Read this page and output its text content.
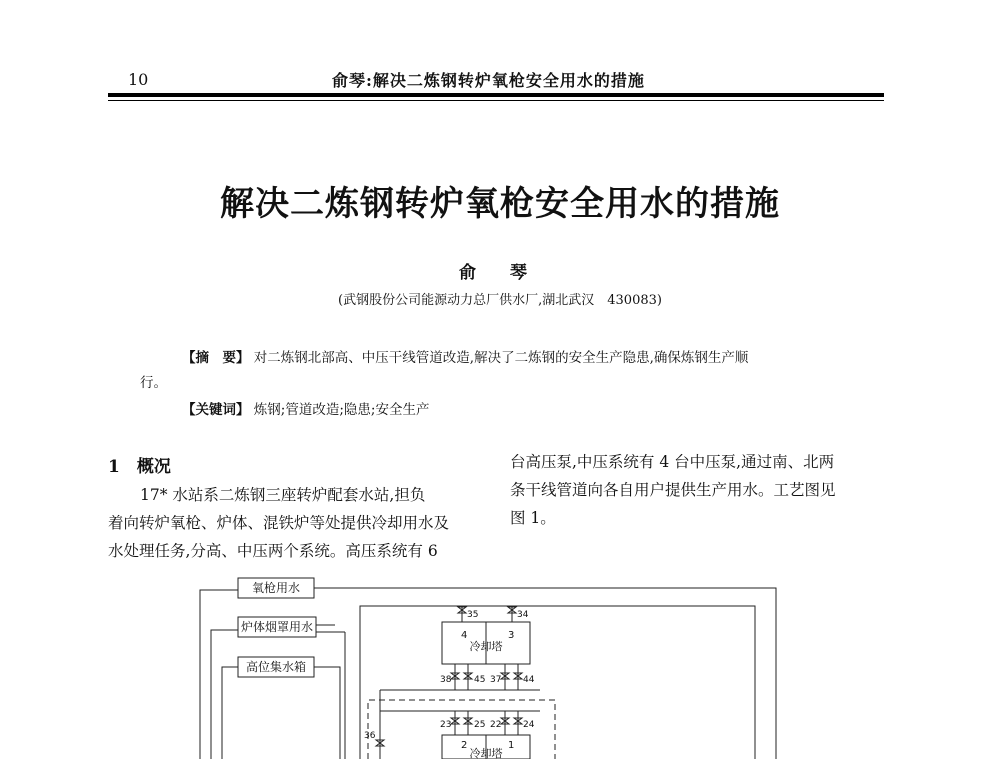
10	俞琴:解决二炼钢转炉氧枪安全用水的措施
解决二炼钢转炉氧枪安全用水的措施
俞 琴
(武钢股份公司能源动力总厂供水厂,湖北武汉　430083)
【摘　要】 对二炼钢北部高、中压干线管道改造,解决了二炼钢的安全生产隐患,确保炼钢生产顺
行。
【关键词】 炼钢;管道改造;隐患;安全生产
1　概况
17* 水站系二炼钢三座转炉配套水站,担负
着向转炉氧枪、炉体、混铁炉等处提供冷却用水及
水处理任务,分高、中压两个系统。高压系统有 6
台高压泵,中压系统有 4 台中压泵,通过南、北两
条干线管道向各自用户提供生产用水。工艺图见
图 1。
氧枪用水
炉体烟罩用水
高位集水箱
冷却塔
冷却塔
4	3
2	1
35	34
38	45 37 44
23	25 22 24
36
